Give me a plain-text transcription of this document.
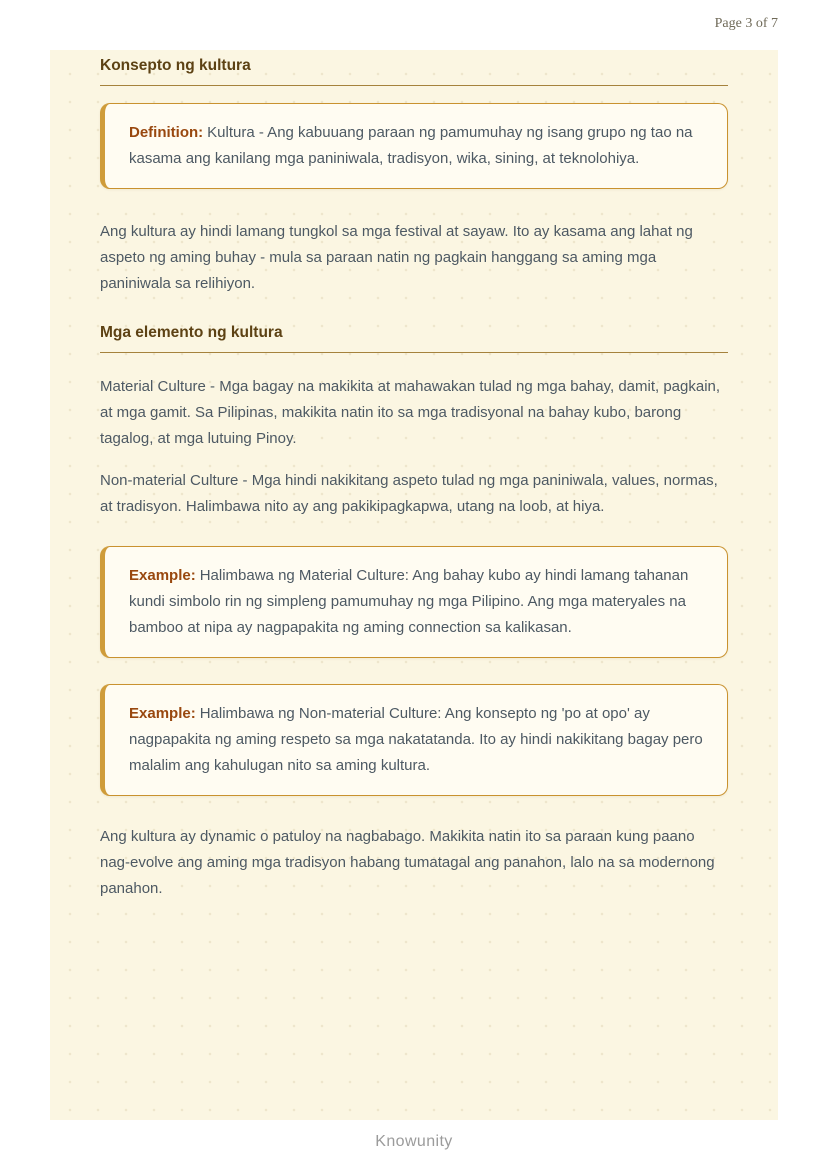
Page 3 of 7
Konsepto ng kultura

Definition: Kultura - Ang kabuuang paraan ng pamumuhay ng isang grupo ng tao na kasama ang kanilang mga paniniwala, tradisyon, wika, sining, at teknolohiya.

Ang kultura ay hindi lamang tungkol sa mga festival at sayaw. Ito ay kasama ang lahat ng aspeto ng aming buhay - mula sa paraan natin ng pagkain hanggang sa aming mga paniniwala sa relihiyon.

Mga elemento ng kultura

Material Culture - Mga bagay na makikita at mahawakan tulad ng mga bahay, damit, pagkain, at mga gamit. Sa Pilipinas, makikita natin ito sa mga tradisyonal na bahay kubo, barong tagalog, at mga lutuing Pinoy.

Non-material Culture - Mga hindi nakikitang aspeto tulad ng mga paniniwala, values, normas, at tradisyon. Halimbawa nito ay ang pakikipagkapwa, utang na loob, at hiya.

Example: Halimbawa ng Material Culture: Ang bahay kubo ay hindi lamang tahanan kundi simbolo rin ng simpleng pamumuhay ng mga Pilipino. Ang mga materyales na bamboo at nipa ay nagpapakita ng aming connection sa kalikasan.

Example: Halimbawa ng Non-material Culture: Ang konsepto ng 'po at opo' ay nagpapakita ng aming respeto sa mga nakatatanda. Ito ay hindi nakikitang bagay pero malalim ang kahulugan nito sa aming kultura.

Ang kultura ay dynamic o patuloy na nagbabago. Makikita natin ito sa paraan kung paano nag-evolve ang aming mga tradisyon habang tumatagal ang panahon, lalo na sa modernong panahon.

Knowunity
